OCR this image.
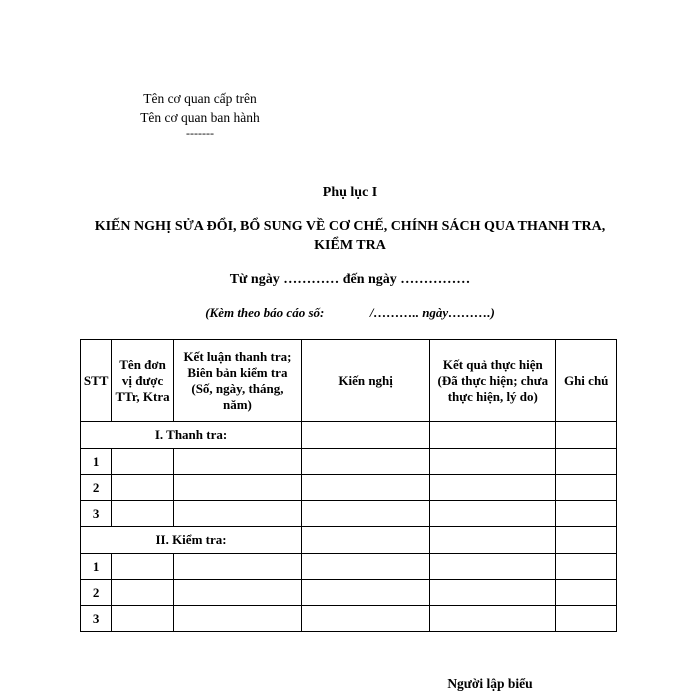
Tên cơ quan cấp trên
Tên cơ quan ban hành
-------
Phụ lục I
KIẾN NGHỊ SỬA ĐỔI, BỔ SUNG VỀ CƠ CHẾ, CHÍNH SÁCH QUA THANH TRA, KIỂM TRA
Từ ngày ………… đến ngày ……………
(Kèm theo báo cáo số:	/……….. ngày……….)
STT	Tên đơn vị được TTr, Ktra	Kết luận thanh tra; Biên bản kiểm tra (Số, ngày, tháng, năm)	Kiến nghị	Kết quả thực hiện (Đã thực hiện; chưa thực hiện, lý do)	Ghi chú
I. Thanh tra:					
1					
2					
3					
II. Kiểm tra:					
1					
2					
3					
Người lập biểu
